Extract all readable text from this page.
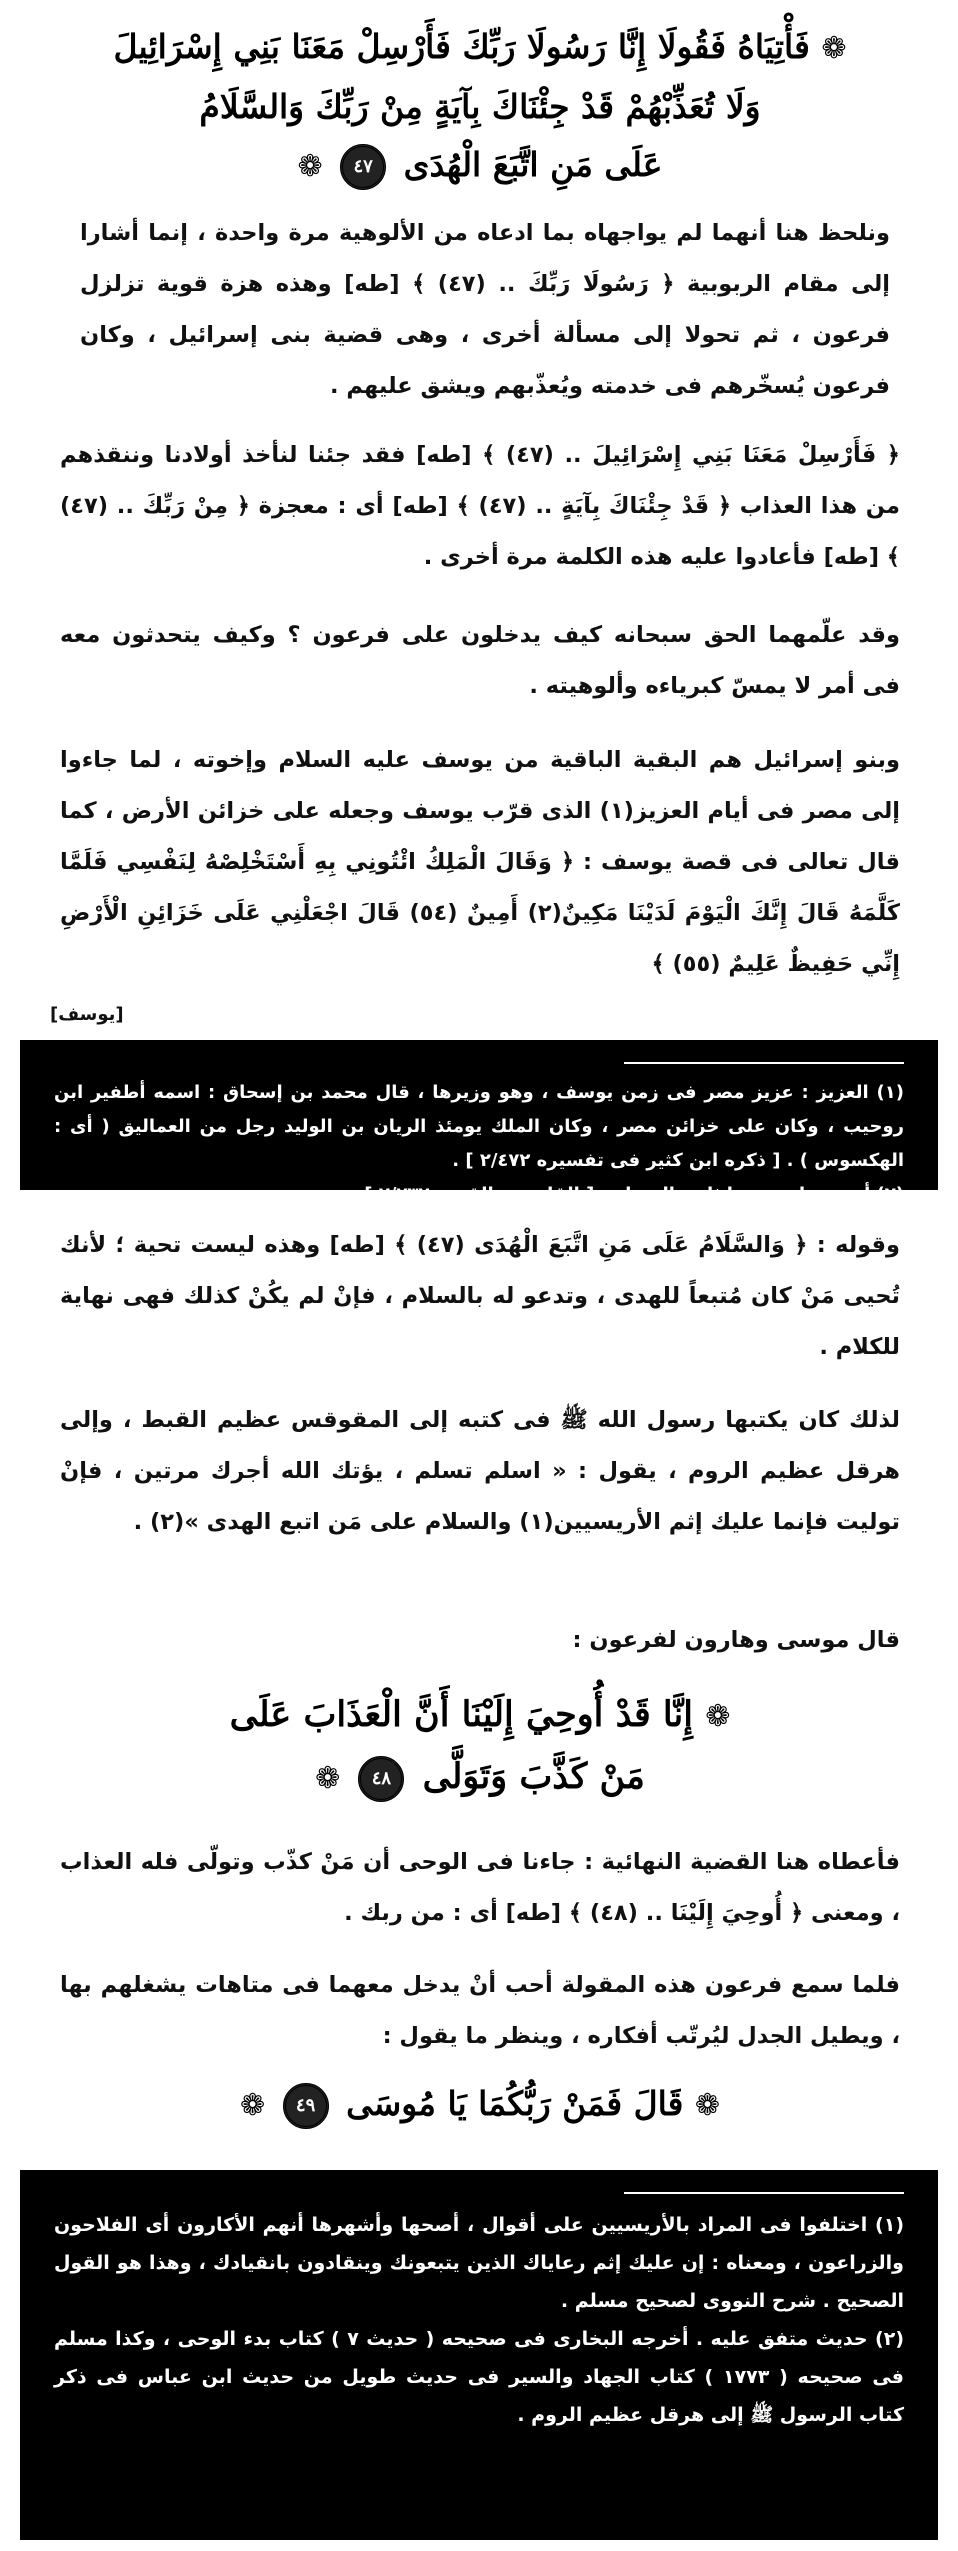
❁ فَأْتِيَاهُ فَقُولَا إِنَّا رَسُولَا رَبِّكَ فَأَرْسِلْ مَعَنَا بَنِي إِسْرَائِيلَ
وَلَا تُعَذِّبْهُمْ قَدْ جِئْنَاكَ بِآيَةٍ مِنْ رَبِّكَ وَالسَّلَامُ
عَلَى مَنِ اتَّبَعَ الْهُدَى ٤٧ ❁
ونلحظ هنا أنهما لم يواجهاه بما ادعاه من الألوهية مرة واحدة ، إنما أشارا إلى مقام الربوبية ﴿ رَسُولَا رَبِّكَ .. (٤٧) ﴾ [طه] وهذه هزة قوية تزلزل فرعون ، ثم تحولا إلى مسألة أخرى ، وهى قضية بنى إسرائيل ، وكان فرعون يُسخّرهم فى خدمته ويُعذّبهم ويشق عليهم .
﴿ فَأَرْسِلْ مَعَنَا بَنِي إِسْرَائِيلَ .. (٤٧) ﴾ [طه] فقد جئنا لنأخذ أولادنا وننقذهم من هذا العذاب ﴿ قَدْ جِئْنَاكَ بِآيَةٍ .. (٤٧) ﴾ [طه] أى : معجزة ﴿ مِنْ رَبِّكَ .. (٤٧) ﴾ [طه] فأعادوا عليه هذه الكلمة مرة أخرى .
وقد علّمهما الحق سبحانه كيف يدخلون على فرعون ؟ وكيف يتحدثون معه فى أمر لا يمسّ كبرياءه وألوهيته .
وبنو إسرائيل هم البقية الباقية من يوسف عليه السلام وإخوته ، لما جاءوا إلى مصر فى أيام العزيز(١) الذى قرّب يوسف وجعله على خزائن الأرض ، كما قال تعالى فى قصة يوسف : ﴿ وَقَالَ الْمَلِكُ ائْتُونِي بِهِ أَسْتَخْلِصْهُ لِنَفْسِي فَلَمَّا كَلَّمَهُ قَالَ إِنَّكَ الْيَوْمَ لَدَيْنَا مَكِينٌ(٢) أَمِينٌ (٥٤) قَالَ اجْعَلْنِي عَلَى خَزَائِنِ الْأَرْضِ إِنِّي حَفِيظٌ عَلِيمٌ (٥٥) ﴾
[يوسف]

(١) العزيز : عزيز مصر فى زمن يوسف ، وهو وزيرها ، قال محمد بن إسحاق : اسمه أطفير ابن روحيب ، وكان على خزائن مصر ، وكان الملك يومئذ الريان بن الوليد رجل من العماليق ( أى : الهكسوس ) . [ ذكره ابن كثير فى تفسيره ٢/٤٧٢ ] .

(٢) أى : عظيم عندنا ثابت المنزلة . [ القاموس القويم ٢/٢٣٢ ] .

وقوله : ﴿ وَالسَّلَامُ عَلَى مَنِ اتَّبَعَ الْهُدَى (٤٧) ﴾ [طه] وهذه ليست تحية ؛ لأنك تُحيى مَنْ كان مُتبعاً للهدى ، وتدعو له بالسلام ، فإنْ لم يكُنْ كذلك فهى نهاية للكلام .
لذلك كان يكتبها رسول الله ﷺ فى كتبه إلى المقوقس عظيم القبط ، وإلى هرقل عظيم الروم ، يقول : « اسلم تسلم ، يؤتك الله أجرك مرتين ، فإنْ توليت فإنما عليك إثم الأريسيين(١) والسلام على مَن اتبع الهدى »(٢) .
قال موسى وهارون لفرعون :
❁ إِنَّا قَدْ أُوحِيَ إِلَيْنَا أَنَّ الْعَذَابَ عَلَى
مَنْ كَذَّبَ وَتَوَلَّى ٤٨ ❁
فأعطاه هنا القضية النهائية : جاءنا فى الوحى أن مَنْ كذّب وتولّى فله العذاب ، ومعنى ﴿ أُوحِيَ إِلَيْنَا .. (٤٨) ﴾ [طه] أى : من ربك .
فلما سمع فرعون هذه المقولة أحب أنْ يدخل معهما فى متاهات يشغلهم بها ، ويطيل الجدل ليُرتّب أفكاره ، وينظر ما يقول :
❁ قَالَ فَمَنْ رَبُّكُمَا يَا مُوسَى ٤٩ ❁

(١) اختلفوا فى المراد بالأريسيين على أقوال ، أصحها وأشهرها أنهم الأكارون أى الفلاحون والزراعون ، ومعناه : إن عليك إثم رعاياك الذين يتبعونك وينقادون بانقيادك ، وهذا هو القول الصحيح . شرح النووى لصحيح مسلم .

(٢) حديث متفق عليه . أخرجه البخارى فى صحيحه ( حديث ٧ ) كتاب بدء الوحى ، وكذا مسلم فى صحيحه ( ١٧٧٣ ) كتاب الجهاد والسير فى حديث طويل من حديث ابن عباس فى ذكر كتاب الرسول ﷺ إلى هرقل عظيم الروم .
